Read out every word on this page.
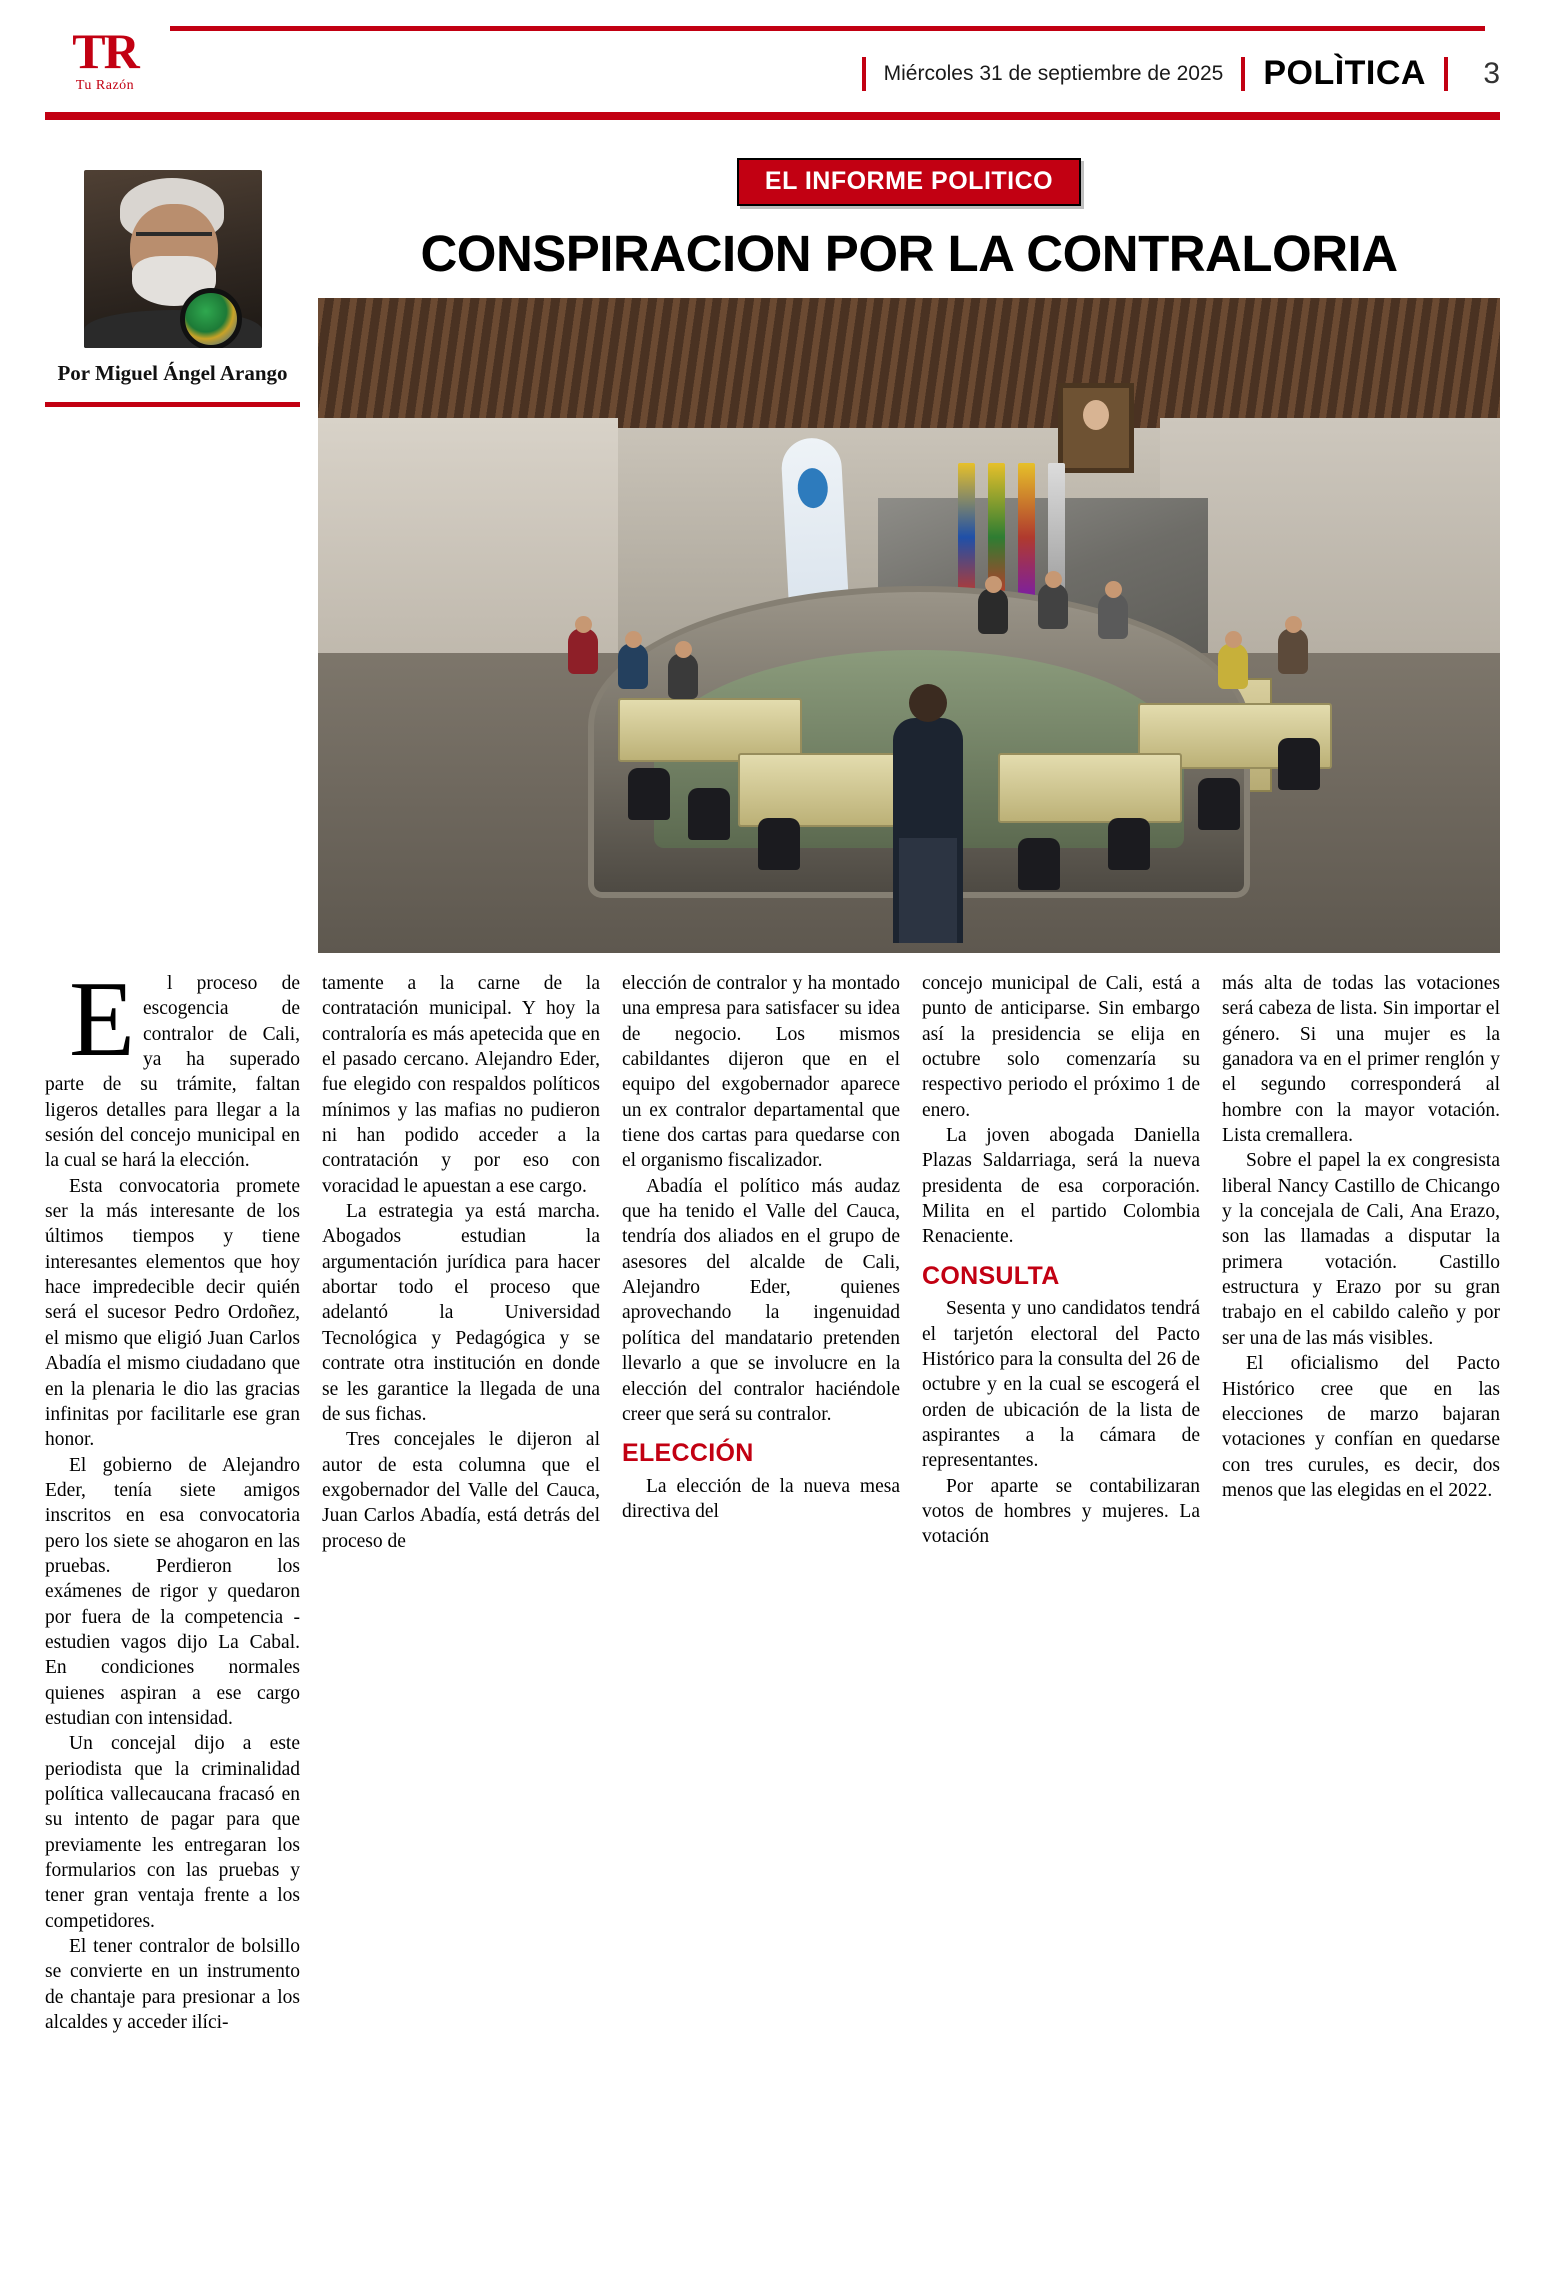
TR
Tu Razón
Miércoles 31 de septiembre de 2025 POLÌTICA	3
Por Miguel Ángel Arango
EL INFORME POLITICO
CONSPIRACION POR LA CONTRALORIA

E	l proceso de escogencia de contralor de Cali, ya ha superado parte de su trámite, faltan ligeros detalles para llegar a la sesión del concejo municipal en la cual se hará la elección.

Esta convocatoria promete ser la más interesante de los últimos tiempos y tiene interesantes elementos que hoy hace impredecible decir quién será el sucesor Pedro Ordoñez, el mismo que eligió Juan Carlos Abadía el mismo ciudadano que en la plenaria le dio las gracias infinitas por facilitarle ese gran honor.

El gobierno de Alejandro Eder, tenía siete amigos inscritos en esa convocatoria pero los siete se ahogaron en las pruebas. Perdieron los exámenes de rigor y quedaron por fuera de la competencia -estudien vagos dijo La Cabal. En condiciones normales quienes aspiran a ese cargo estudian con intensidad.

Un concejal dijo a este periodista que la criminalidad política vallecaucana fracasó en su intento de pagar para que previamente les entregaran los formularios con las pruebas y tener gran ventaja frente a los competidores.

El tener contralor de bolsillo se convierte en un instrumento de chantaje para presionar a los alcaldes y acceder ilíci-

tamente a la carne de la contratación municipal. Y hoy la contraloría es más apetecida que en el pasado cercano. Alejandro Eder, fue elegido con respaldos políticos mínimos y las mafias no pudieron ni han podido acceder a la contratación y por eso con voracidad le apuestan a ese cargo.

La estrategia ya está marcha. Abogados estudian la argumentación jurídica para hacer abortar todo el proceso que adelantó la Universidad Tecnológica y Pedagógica y se contrate otra institución en donde se les garantice la llegada de una de sus fichas.

Tres concejales le dijeron al autor de esta columna que el exgobernador del Valle del Cauca, Juan Carlos Abadía, está detrás del proceso de

elección de contralor y ha montado una empresa para satisfacer su idea de negocio. Los mismos cabildantes dijeron que en el equipo del exgobernador aparece un ex contralor departamental que tiene dos cartas para quedarse con el organismo fiscalizador.

Abadía el político más audaz que ha tenido el Valle del Cauca, tendría dos aliados en el grupo de asesores del alcalde de Cali, Alejandro Eder, quienes aprovechando la ingenuidad política del mandatario pretenden llevarlo a que se involucre en la elección del contralor haciéndole creer que será su contralor.

ELECCIÓN

La elección de la nueva mesa directiva del

concejo municipal de Cali, está a punto de anticiparse. Sin embargo así la presidencia se elija en octubre solo comenzaría su respectivo periodo el próximo 1 de enero.

La joven abogada Daniella Plazas Saldarriaga, será la nueva presidenta de esa corporación. Milita en el partido Colombia Renaciente.

CONSULTA

Sesenta y uno candidatos tendrá el tarjetón electoral del Pacto Histórico para la consulta del 26 de octubre y en la cual se escogerá el orden de ubicación de la lista de aspirantes a la cámara de representantes.

Por aparte se contabilizaran votos de hombres y mujeres. La votación

más alta de todas las votaciones será cabeza de lista. Sin importar el género. Si una mujer es la ganadora va en el primer renglón y el segundo corresponderá al hombre con la mayor votación. Lista cremallera.

Sobre el papel la ex congresista liberal Nancy Castillo de Chicango y la concejala de Cali, Ana Erazo, son las llamadas a disputar la primera votación. Castillo estructura y Erazo por su gran trabajo en el cabildo caleño y por ser una de las más visibles.

El oficialismo del Pacto Histórico cree que en las elecciones de marzo bajaran votaciones y confían en quedarse con tres curules, es decir, dos menos que las elegidas en el 2022.
